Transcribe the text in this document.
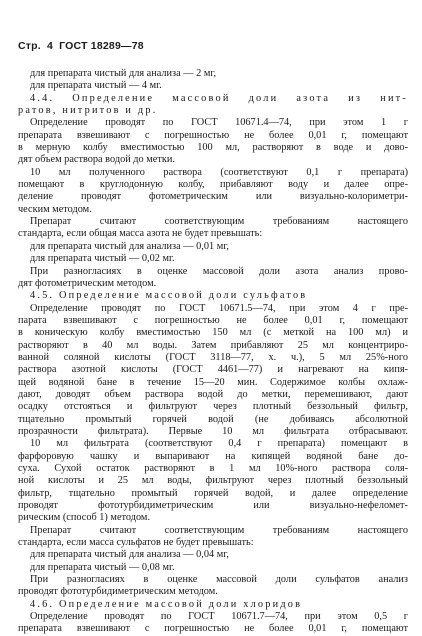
Стр. 4 ГОСТ 18289—78
для препарата чистый для анализа — 2 мг,
для препарата чистый — 4 мг.
4.4. Определение массовой доли азота из нит-
ратов, нитритов и др.
Определение проводят по ГОСТ 10671.4—74, при этом 1 г
препарата взвешивают с погрешностью не более 0,01 г, помещают
в мерную колбу вместимостью 100 мл, растворяют в воде и дово-
дят объем раствора водой до метки.
10 мл полученного раствора (соответствуют 0,1 г препарата)
помещают в круглодонную колбу, прибавляют воду и далее опре-
деление проводят фотометрическим или визуально-колориметри-
ческим методом.
Препарат считают соответствующим требованиям настоящего
стандарта, если общая масса азота не будет превышать:
для препарата чистый для анализа — 0,01 мг,
для препарата чистый — 0,02 мг.
При разногласиях в оценке массовой доли азота анализ прово-
дят фотометрическим методом.
4.5. Определение массовой доли сульфатов
Определение проводят по ГОСТ 10671.5—74, при этом 4 г пре-
парата взвешивают с погрешностью не более 0,01 г, помещают
в коническую колбу вместимостью 150 мл (с меткой на 100 мл) и
растворяют в 40 мл воды. Затем прибавляют 25 мл концентриро-
ванной соляной кислоты (ГОСТ 3118—77, х. ч.), 5 мл 25%-ного
раствора азотной кислоты (ГОСТ 4461—77) и нагревают на кипя-
щей водяной бане в течение 15—20 мин. Содержимое колбы охлаж-
дают, доводят объем раствора водой до метки, перемешивают, дают
осадку отстояться и фильтруют через плотный беззольный фильтр,
тщательно промытый горячей водой (не добиваясь абсолютной
прозрачности фильтрата). Первые 10 мл фильтрата отбрасывают.
10 мл фильтрата (соответствуют 0,4 г препарата) помещают в
фарфоровую чашку и выпаривают на кипящей водяной бане до-
суха. Сухой остаток растворяют в 1 мл 10%-ного раствора соля-
ной кислоты и 25 мл воды, фильтруют через плотный беззольный
фильтр, тщательно промытый горячей водой, и далее определение
проводят фототурбидиметрическим или визуально-нефеломет-
рическим (способ 1) методом.
Препарат считают соответствующим требованиям настоящего
стандарта, если масса сульфатов не будет превышать:
для препарата чистый для анализа — 0,04 мг,
для препарата чистый — 0,08 мг.
При разногласиях в оценке массовой доли сульфатов анализ
проводят фототурбидиметрическим методом.
4.6. Определение массовой доли хлоридов
Определение проводят по ГОСТ 10671.7—74, при этом 0,5 г
препарата взвешивают с погрешностью не более 0,01 г, помещают
